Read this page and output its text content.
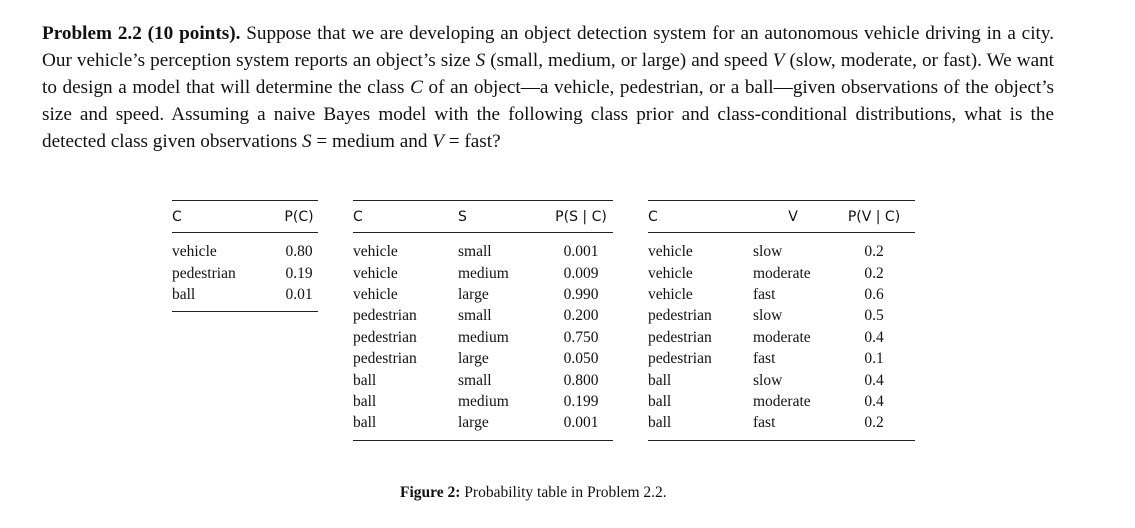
Problem 2.2 (10 points). Suppose that we are developing an object detection system for an autonomous vehicle driving in a city. Our vehicle’s perception system reports an object’s size S (small, medium, or large) and speed V (slow, moderate, or fast). We want to design a model that will determine the class C of an object—a vehicle, pedestrian, or a ball—given observations of the object’s size and speed. Assuming a naive Bayes model with the following class prior and class-conditional distributions, what is the detected class given observations S = medium and V = fast?
C	P(C)
vehicle	0.80
pedestrian	0.19
ball	0.01
C	S	P(S | C)
vehicle	small	0.001
vehicle	medium	0.009
vehicle	large	0.990
pedestrian	small	0.200
pedestrian	medium	0.750
pedestrian	large	0.050
ball	small	0.800
ball	medium	0.199
ball	large	0.001
C	V	P(V | C)
vehicle	slow	0.2
vehicle	moderate	0.2
vehicle	fast	0.6
pedestrian	slow	0.5
pedestrian	moderate	0.4
pedestrian	fast	0.1
ball	slow	0.4
ball	moderate	0.4
ball	fast	0.2
Figure 2: Probability table in Problem 2.2.
